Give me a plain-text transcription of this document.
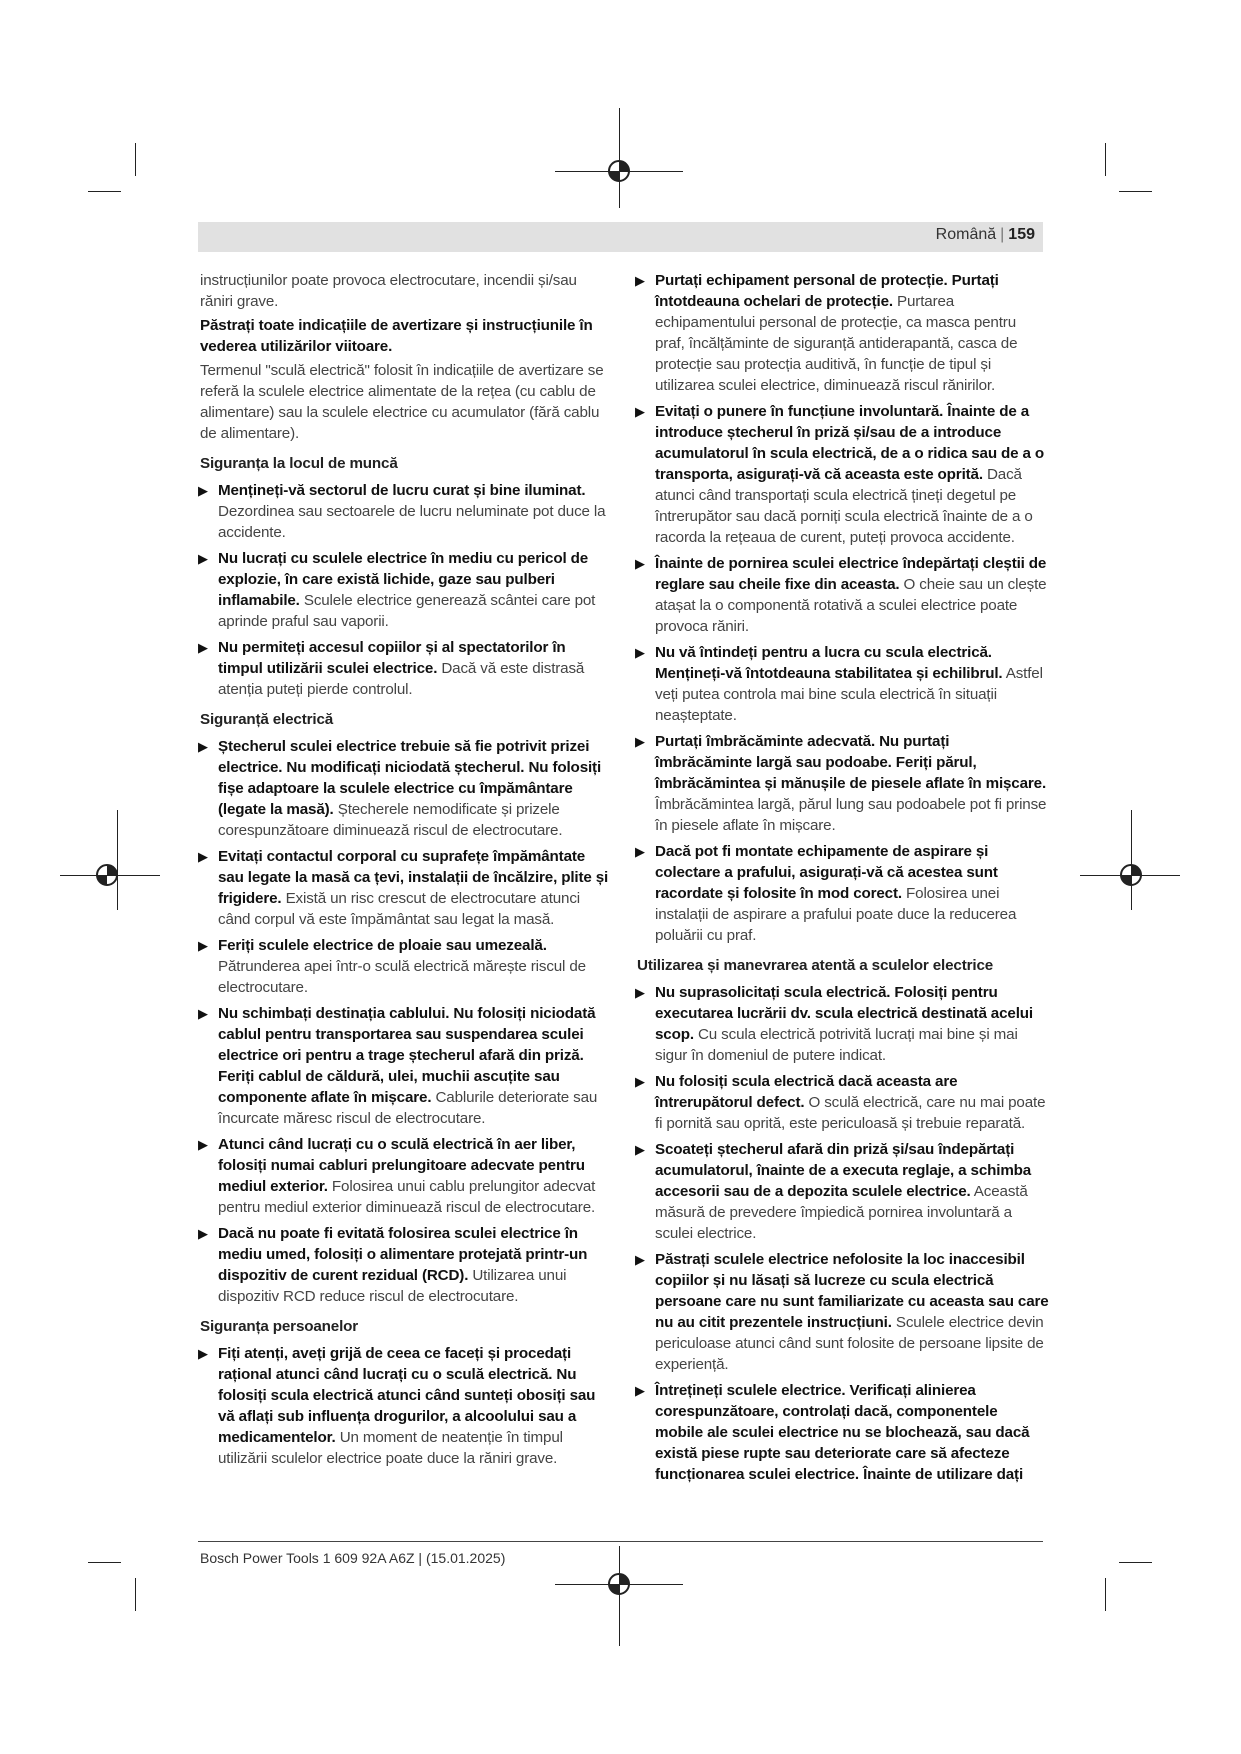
Română | 159

instrucțiunilor poate provoca electrocutare, incendii și/sau răniri grave.

Păstrați toate indicațiile de avertizare și instrucțiunile în vederea utilizărilor viitoare.

Termenul "sculă electrică" folosit în indicațiile de avertizare se referă la sculele electrice alimentate de la rețea (cu cablu de alimentare) sau la sculele electrice cu acumulator (fără cablu de alimentare).

Siguranța la locul de muncă
▶ Mențineți-vă sectorul de lucru curat și bine iluminat. Dezordinea sau sectoarele de lucru neluminate pot duce la accidente.
▶ Nu lucrați cu sculele electrice în mediu cu pericol de explozie, în care există lichide, gaze sau pulberi inflamabile. Sculele electrice generează scântei care pot aprinde praful sau vaporii.
▶ Nu permiteți accesul copiilor și al spectatorilor în timpul utilizării sculei electrice. Dacă vă este distrasă atenția puteți pierde controlul.
Siguranță electrică
▶ Ștecherul sculei electrice trebuie să fie potrivit prizei electrice. Nu modificați niciodată ștecherul. Nu folosiți fișe adaptoare la sculele electrice cu împământare (legate la masă). Ștecherele nemodificate și prizele corespunzătoare diminuează riscul de electrocutare.
▶ Evitați contactul corporal cu suprafețe împământate sau legate la masă ca țevi, instalații de încălzire, plite și frigidere. Există un risc crescut de electrocutare atunci când corpul vă este împământat sau legat la masă.
▶ Feriți sculele electrice de ploaie sau umezeală. Pătrunderea apei într-o sculă electrică mărește riscul de electrocutare.
▶ Nu schimbați destinația cablului. Nu folosiți niciodată cablul pentru transportarea sau suspendarea sculei electrice ori pentru a trage ștecherul afară din priză. Feriți cablul de căldură, ulei, muchii ascuțite sau componente aflate în mișcare. Cablurile deteriorate sau încurcate măresc riscul de electrocutare.
▶ Atunci când lucrați cu o sculă electrică în aer liber, folosiți numai cabluri prelungitoare adecvate pentru mediul exterior. Folosirea unui cablu prelungitor adecvat pentru mediul exterior diminuează riscul de electrocutare.
▶ Dacă nu poate fi evitată folosirea sculei electrice în mediu umed, folosiți o alimentare protejată printr-un dispozitiv de curent rezidual (RCD). Utilizarea unui dispozitiv RCD reduce riscul de electrocutare.
Siguranța persoanelor
▶ Fiți atenți, aveți grijă de ceea ce faceți și procedați rațional atunci când lucrați cu o sculă electrică. Nu folosiți scula electrică atunci când sunteți obosiți sau vă aflați sub influența drogurilor, a alcoolului sau a medicamentelor. Un moment de neatenție în timpul utilizării sculelor electrice poate duce la răniri grave.
▶ Purtați echipament personal de protecție. Purtați întotdeauna ochelari de protecție. Purtarea echipamentului personal de protecție, ca masca pentru praf, încălțăminte de siguranță antiderapantă, casca de protecție sau protecția auditivă, în funcție de tipul și utilizarea sculei electrice, diminuează riscul rănirilor.
▶ Evitați o punere în funcțiune involuntară. Înainte de a introduce ștecherul în priză și/sau de a introduce acumulatorul în scula electrică, de a o ridica sau de a o transporta, asigurați-vă că aceasta este oprită. Dacă atunci când transportați scula electrică țineți degetul pe întrerupător sau dacă porniți scula electrică înainte de a o racorda la rețeaua de curent, puteți provoca accidente.
▶ Înainte de pornirea sculei electrice îndepărtați cleștii de reglare sau cheile fixe din aceasta. O cheie sau un clește atașat la o componentă rotativă a sculei electrice poate provoca răniri.
▶ Nu vă întindeți pentru a lucra cu scula electrică. Mențineți-vă întotdeauna stabilitatea și echilibrul. Astfel veți putea controla mai bine scula electrică în situații neașteptate.
▶ Purtați îmbrăcăminte adecvată. Nu purtați îmbrăcăminte largă sau podoabe. Feriți părul, îmbrăcămintea și mănușile de piesele aflate în mișcare. Îmbrăcămintea largă, părul lung sau podoabele pot fi prinse în piesele aflate în mișcare.
▶ Dacă pot fi montate echipamente de aspirare și colectare a prafului, asigurați-vă că acestea sunt racordate și folosite în mod corect. Folosirea unei instalații de aspirare a prafului poate duce la reducerea poluării cu praf.
Utilizarea și manevrarea atentă a sculelor electrice
▶ Nu suprasolicitați scula electrică. Folosiți pentru executarea lucrării dv. scula electrică destinată acelui scop. Cu scula electrică potrivită lucrați mai bine și mai sigur în domeniul de putere indicat.
▶ Nu folosiți scula electrică dacă aceasta are întrerupătorul defect. O sculă electrică, care nu mai poate fi pornită sau oprită, este periculoasă și trebuie reparată.
▶ Scoateți ștecherul afară din priză și/sau îndepărtați acumulatorul, înainte de a executa reglaje, a schimba accesorii sau de a depozita sculele electrice. Această măsură de prevedere împiedică pornirea involuntară a sculei electrice.
▶ Păstrați sculele electrice nefolosite la loc inaccesibil copiilor și nu lăsați să lucreze cu scula electrică persoane care nu sunt familiarizate cu aceasta sau care nu au citit prezentele instrucțiuni. Sculele electrice devin periculoase atunci când sunt folosite de persoane lipsite de experiență.
▶ Întrețineți sculele electrice. Verificați alinierea corespunzătoare, controlați dacă, componentele mobile ale sculei electrice nu se blochează, sau dacă există piese rupte sau deteriorate care să afecteze funcționarea sculei electrice. Înainte de utilizare dați
Bosch Power Tools 1 609 92A A6Z | (15.01.2025)
